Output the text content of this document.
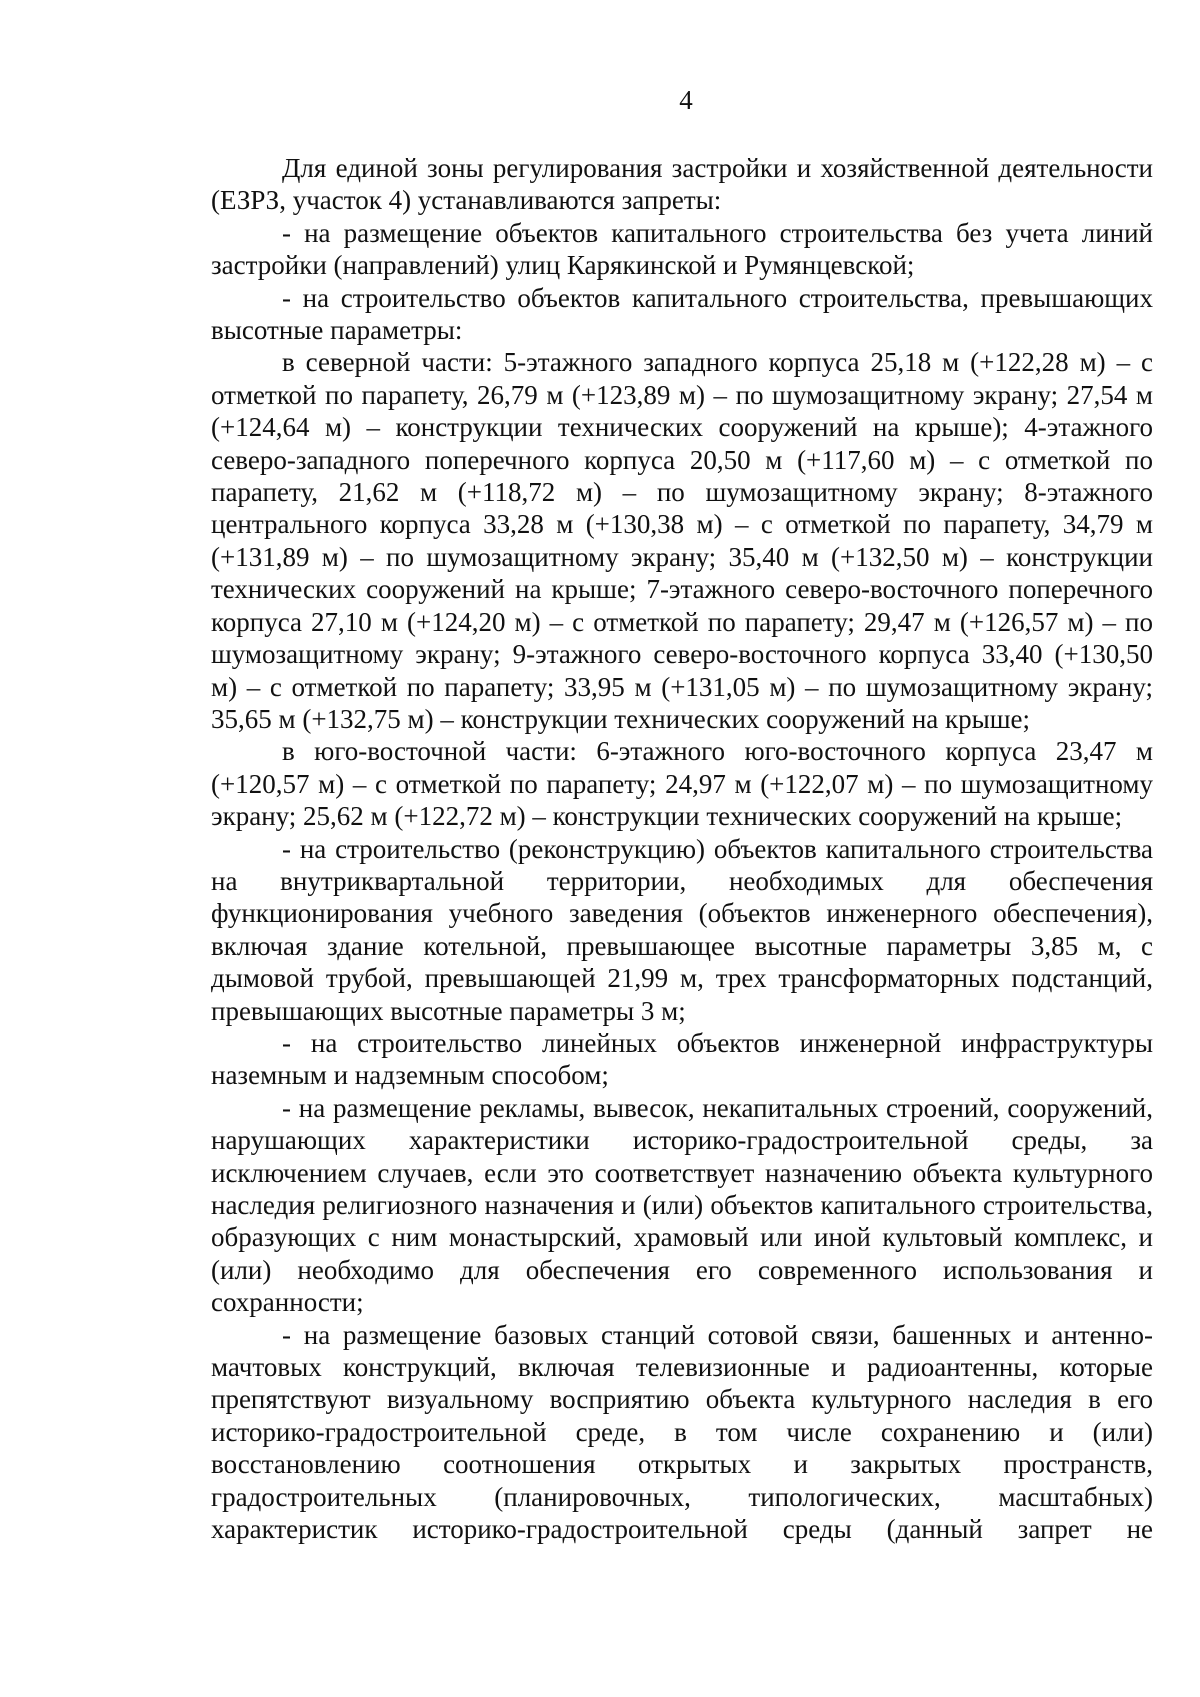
4

Для единой зоны регулирования застройки и хозяйственной деятельности (ЕЗРЗ, участок 4) устанавливаются запреты:

- на размещение объектов капитального строительства без учета линий застройки (направлений) улиц Карякинской и Румянцевской;

- на строительство объектов капитального строительства, превышающих высотные параметры:

в северной части: 5-этажного западного корпуса 25,18 м (+122,28 м) – с отметкой по парапету, 26,79 м (+123,89 м) – по шумозащитному экрану; 27,54 м (+124,64 м) – конструкции технических сооружений на крыше); 4-этажного северо-западного поперечного корпуса 20,50 м (+117,60 м) – с отметкой по парапету, 21,62 м (+118,72 м) – по шумозащитному экрану; 8-этажного центрального корпуса 33,28 м (+130,38 м) – с отметкой по парапету, 34,79 м (+131,89 м) – по шумозащитному экрану; 35,40 м (+132,50 м) – конструкции технических сооружений на крыше; 7-этажного северо-восточного поперечного корпуса 27,10 м (+124,20 м) – с отметкой по парапету; 29,47 м (+126,57 м) – по шумозащитному экрану; 9-этажного северо-восточного корпуса 33,40 (+130,50 м) – с отметкой по парапету; 33,95 м (+131,05 м) – по шумозащитному экрану; 35,65 м (+132,75 м) – конструкции технических сооружений на крыше;

в юго-восточной части: 6-этажного юго-восточного корпуса 23,47 м (+120,57 м) – с отметкой по парапету; 24,97 м (+122,07 м) – по шумозащитному экрану; 25,62 м (+122,72 м) – конструкции технических сооружений на крыше;

- на строительство (реконструкцию) объектов капитального строительства на внутриквартальной территории, необходимых для обеспечения функционирования учебного заведения (объектов инженерного обеспечения), включая здание котельной, превышающее высотные параметры 3,85 м, с дымовой трубой, превышающей 21,99 м, трех трансформаторных подстанций, превышающих высотные параметры 3 м;

- на строительство линейных объектов инженерной инфраструктуры наземным и надземным способом;

- на размещение рекламы, вывесок, некапитальных строений, сооружений, нарушающих характеристики историко-градостроительной среды, за исключением случаев, если это соответствует назначению объекта культурного наследия религиозного назначения и (или) объектов капитального строительства, образующих с ним монастырский, храмовый или иной культовый комплекс, и (или) необходимо для обеспечения его современного использования и сохранности;

- на размещение базовых станций сотовой связи, башенных и антенно-мачтовых конструкций, включая телевизионные и радиоантенны, которые препятствуют визуальному восприятию объекта культурного наследия в его историко-градостроительной среде, в том числе сохранению и (или) восстановлению соотношения открытых и закрытых пространств, градостроительных (планировочных, типологических, масштабных) характеристик историко-градостроительной среды (данный запрет не
